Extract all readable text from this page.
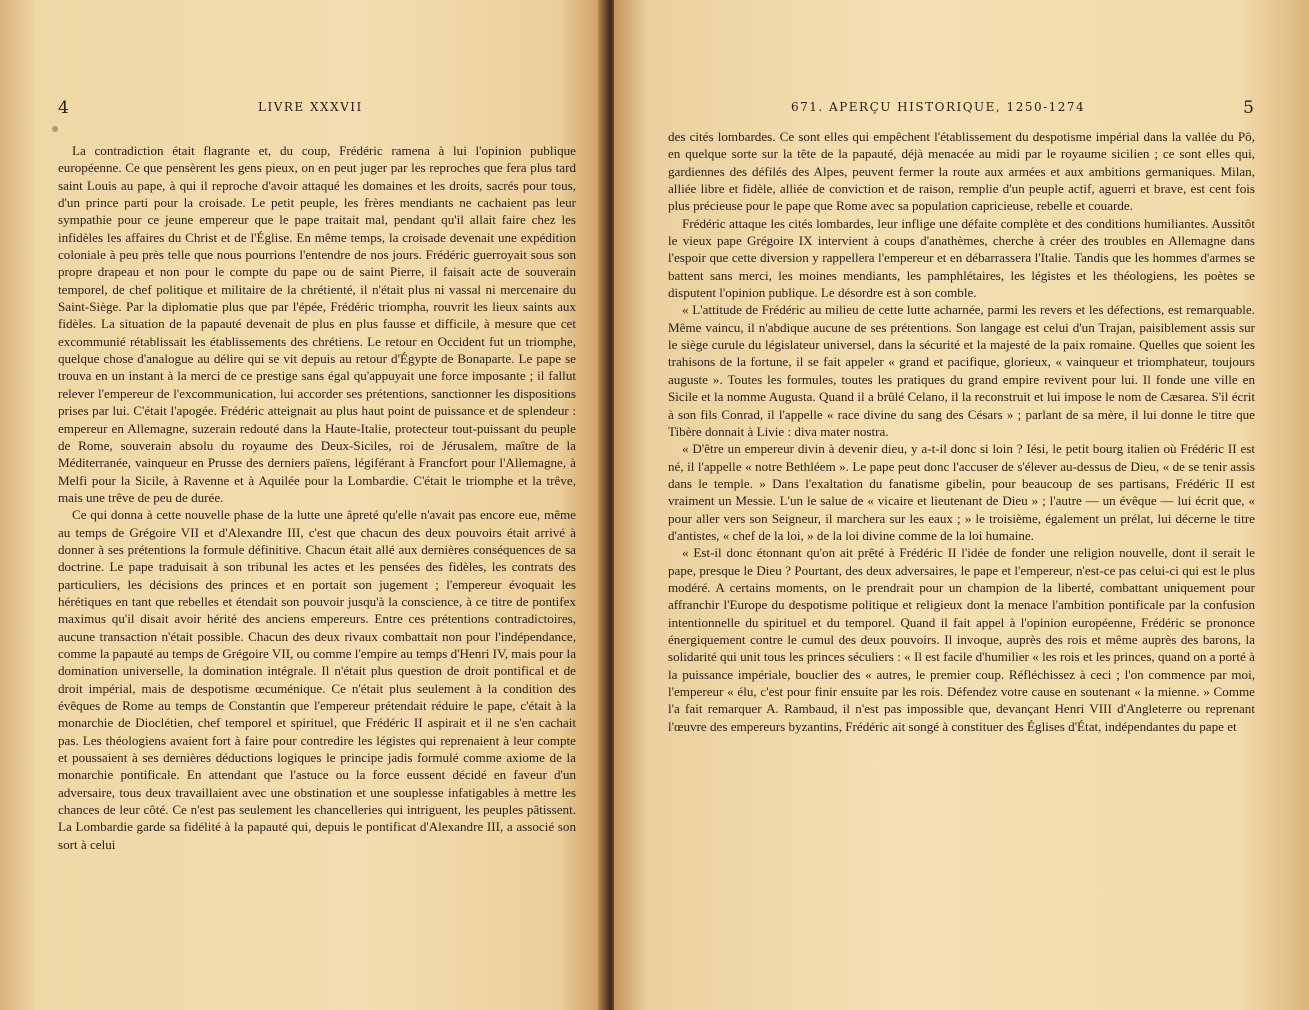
4	LIVRE XXXVII

La contradiction était flagrante et, du coup, Frédéric ramena à lui l'opinion publique européenne. Ce que pensèrent les gens pieux, on en peut juger par les reproches que fera plus tard saint Louis au pape, à qui il reproche d'avoir attaqué les domaines et les droits, sacrés pour tous, d'un prince parti pour la croisade. Le petit peuple, les frères mendiants ne cachaient pas leur sympathie pour ce jeune empereur que le pape traitait mal, pendant qu'il allait faire chez les infidèles les affaires du Christ et de l'Église. En même temps, la croisade devenait une expédition coloniale à peu près telle que nous pourrions l'entendre de nos jours. Frédéric guerroyait sous son propre drapeau et non pour le compte du pape ou de saint Pierre, il faisait acte de souverain temporel, de chef politique et militaire de la chrétienté, il n'était plus ni vassal ni mercenaire du Saint-Siège. Par la diplomatie plus que par l'épée, Frédéric triompha, rouvrit les lieux saints aux fidèles. La situation de la papauté devenait de plus en plus fausse et difficile, à mesure que cet excommunié rétablissait les établissements des chrétiens. Le retour en Occident fut un triomphe, quelque chose d'analogue au délire qui se vit depuis au retour d'Égypte de Bonaparte. Le pape se trouva en un instant à la merci de ce prestige sans égal qu'appuyait une force imposante ; il fallut relever l'empereur de l'excommunication, lui accorder ses prétentions, sanctionner les dispositions prises par lui. C'était l'apogée. Frédéric atteignait au plus haut point de puissance et de splendeur : empereur en Allemagne, suzerain redouté dans la Haute-Italie, protecteur tout-puissant du peuple de Rome, souverain absolu du royaume des Deux-Siciles, roi de Jérusalem, maître de la Méditerranée, vainqueur en Prusse des derniers païens, légiférant à Francfort pour l'Allemagne, à Melfi pour la Sicile, à Ravenne et à Aquilée pour la Lombardie. C'était le triomphe et la trêve, mais une trêve de peu de durée.

Ce qui donna à cette nouvelle phase de la lutte une âpreté qu'elle n'avait pas encore eue, même au temps de Grégoire VII et d'Alexandre III, c'est que chacun des deux pouvoirs était arrivé à donner à ses prétentions la formule définitive. Chacun était allé aux dernières conséquences de sa doctrine. Le pape traduisait à son tribunal les actes et les pensées des fidèles, les contrats des particuliers, les décisions des princes et en portait son jugement ; l'empereur évoquait les hérétiques en tant que rebelles et étendait son pouvoir jusqu'à la conscience, à ce titre de pontifex maximus qu'il disait avoir hérité des anciens empereurs. Entre ces prétentions contradictoires, aucune transaction n'était possible. Chacun des deux rivaux combattait non pour l'indépendance, comme la papauté au temps de Grégoire VII, ou comme l'empire au temps d'Henri IV, mais pour la domination universelle, la domination intégrale. Il n'était plus question de droit pontifical et de droit impérial, mais de despotisme œcuménique. Ce n'était plus seulement à la condition des évêques de Rome au temps de Constantin que l'empereur prétendait réduire le pape, c'était à la monarchie de Dioclétien, chef temporel et spirituel, que Frédéric II aspirait et il ne s'en cachait pas. Les théologiens avaient fort à faire pour contredire les légistes qui reprenaient à leur compte et poussaient à ses dernières déductions logiques le principe jadis formulé comme axiome de la monarchie pontificale. En attendant que l'astuce ou la force eussent décidé en faveur d'un adversaire, tous deux travaillaient avec une obstination et une souplesse infatigables à mettre les chances de leur côté. Ce n'est pas seulement les chancelleries qui intriguent, les peuples pâtissent. La Lombardie garde sa fidélité à la papauté qui, depuis le pontificat d'Alexandre III, a associé son sort à celui

671. APERÇU HISTORIQUE, 1250-1274	5

des cités lombardes. Ce sont elles qui empêchent l'établissement du despotisme impérial dans la vallée du Pô, en quelque sorte sur la tête de la papauté, déjà menacée au midi par le royaume sicilien ; ce sont elles qui, gardiennes des défilés des Alpes, peuvent fermer la route aux armées et aux ambitions germaniques. Milan, alliée libre et fidèle, alliée de conviction et de raison, remplie d'un peuple actif, aguerri et brave, est cent fois plus précieuse pour le pape que Rome avec sa population capricieuse, rebelle et couarde.

Frédéric attaque les cités lombardes, leur inflige une défaite complète et des conditions humiliantes. Aussitôt le vieux pape Grégoire IX intervient à coups d'anathèmes, cherche à créer des troubles en Allemagne dans l'espoir que cette diversion y rappellera l'empereur et en débarrassera l'Italie. Tandis que les hommes d'armes se battent sans merci, les moines mendiants, les pamphlétaires, les légistes et les théologiens, les poètes se disputent l'opinion publique. Le désordre est à son comble.

« L'attitude de Frédéric au milieu de cette lutte acharnée, parmi les revers et les défections, est remarquable. Même vaincu, il n'abdique aucune de ses prétentions. Son langage est celui d'un Trajan, paisiblement assis sur le siège curule du législateur universel, dans la sécurité et la majesté de la paix romaine. Quelles que soient les trahisons de la fortune, il se fait appeler « grand et pacifique, glorieux, « vainqueur et triomphateur, toujours auguste ». Toutes les formules, toutes les pratiques du grand empire revivent pour lui. Il fonde une ville en Sicile et la nomme Augusta. Quand il a brûlé Celano, il la reconstruit et lui impose le nom de Cæsarea. S'il écrit à son fils Conrad, il l'appelle « race divine du sang des Césars » ; parlant de sa mère, il lui donne le titre que Tibère donnait à Livie : diva mater nostra.

« D'être un empereur divin à devenir dieu, y a-t-il donc si loin ? Iési, le petit bourg italien où Frédéric II est né, il l'appelle « notre Bethléem ». Le pape peut donc l'accuser de s'élever au-dessus de Dieu, « de se tenir assis dans le temple. » Dans l'exaltation du fanatisme gibelin, pour beaucoup de ses partisans, Frédéric II est vraiment un Messie. L'un le salue de « vicaire et lieutenant de Dieu » ; l'autre — un évêque — lui écrit que, « pour aller vers son Seigneur, il marchera sur les eaux ; » le troisième, également un prélat, lui décerne le titre d'antistes, « chef de la loi, » de la loi divine comme de la loi humaine.

« Est-il donc étonnant qu'on ait prêté à Frédéric II l'idée de fonder une religion nouvelle, dont il serait le pape, presque le Dieu ? Pourtant, des deux adversaires, le pape et l'empereur, n'est-ce pas celui-ci qui est le plus modéré. A certains moments, on le prendrait pour un champion de la liberté, combattant uniquement pour affranchir l'Europe du despotisme politique et religieux dont la menace l'ambition pontificale par la confusion intentionnelle du spirituel et du temporel. Quand il fait appel à l'opinion européenne, Frédéric se prononce énergiquement contre le cumul des deux pouvoirs. Il invoque, auprès des rois et même auprès des barons, la solidarité qui unit tous les princes séculiers : « Il est facile d'humilier « les rois et les princes, quand on a porté à la puissance impériale, bouclier des « autres, le premier coup. Réfléchissez à ceci ; l'on commence par moi, l'empereur « élu, c'est pour finir ensuite par les rois. Défendez votre cause en soutenant « la mienne. » Comme l'a fait remarquer A. Rambaud, il n'est pas impossible que, devançant Henri VIII d'Angleterre ou reprenant l'œuvre des empereurs byzantins, Frédéric ait songé à constituer des Églises d'État, indépendantes du pape et
